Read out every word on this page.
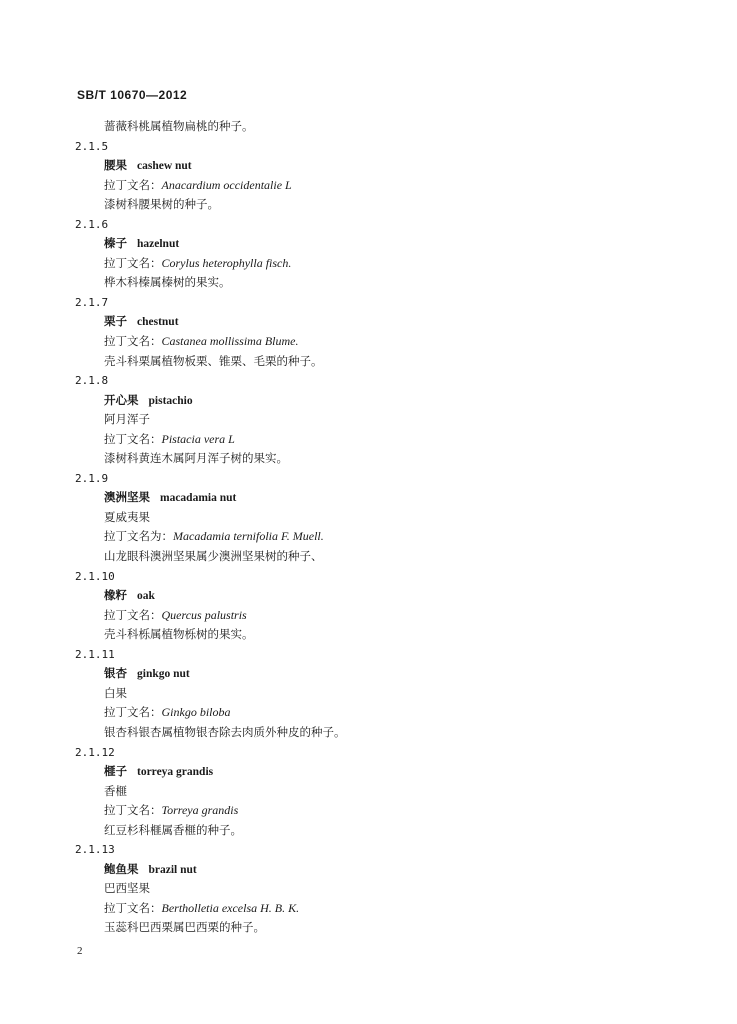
SB/T 10670—2012
蔷薇科桃属植物扁桃的种子。
2.1.5
腰果 cashew nut
拉丁文名：Anacardium occidentalie L
漆树科腰果树的种子。
2.1.6
榛子 hazelnut
拉丁文名：Corylus heterophylla fisch.
桦木科榛属榛树的果实。
2.1.7
栗子 chestnut
拉丁文名：Castanea mollissima Blume.
壳斗科栗属植物板栗、锥栗、毛栗的种子。
2.1.8
开心果 pistachio
阿月浑子
拉丁文名：Pistacia vera L
漆树科黄连木属阿月浑子树的果实。
2.1.9
澳洲坚果 macadamia nut
夏威夷果
拉丁文名为：Macadamia ternifolia F. Muell.
山龙眼科澳洲坚果属少澳洲坚果树的种子、
2.1.10
橡籽 oak
拉丁文名：Quercus palustris
壳斗科栎属植物栎树的果实。
2.1.11
银杏 ginkgo nut
白果
拉丁文名：Ginkgo biloba
银杏科银杏属植物银杏除去肉质外种皮的种子。
2.1.12
榧子 torreya grandis
香榧
拉丁文名：Torreya grandis
红豆杉科榧属香榧的种子。
2.1.13
鲍鱼果 brazil nut
巴西坚果
拉丁文名：Bertholletia excelsa H. B. K.
玉蕊科巴西栗属巴西栗的种子。
2
